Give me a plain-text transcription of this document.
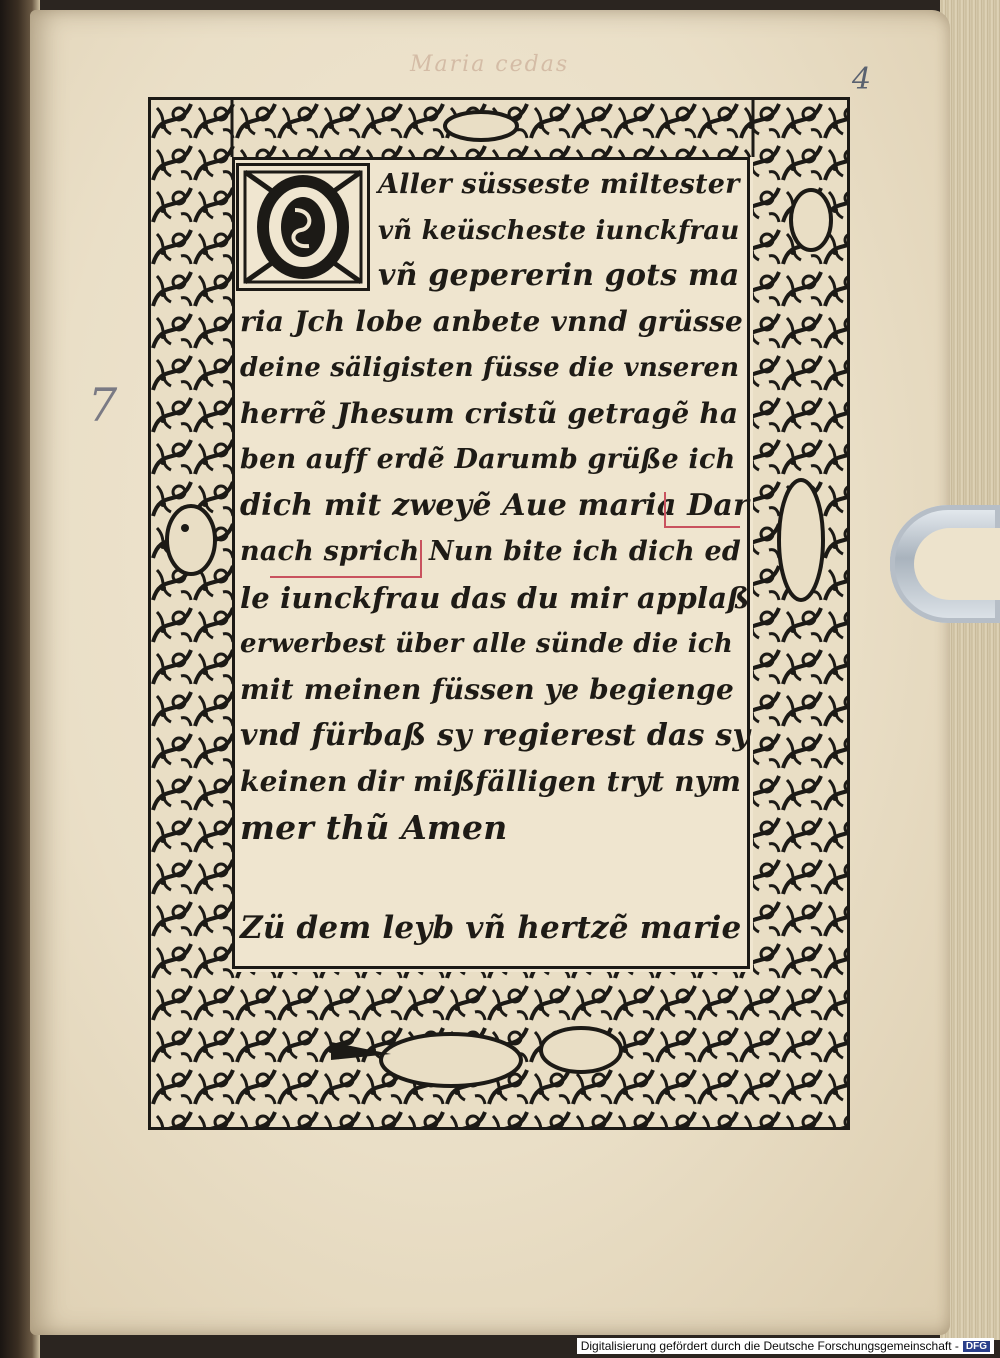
Maria cedas	4
7
Aller süsseste miltester
vñ keüscheste iunckfrau
vñ gepererin gots ma
ria Jch lobe anbete vnnd grüsse
deine säligisten füsse die vnseren
herrẽ Jhesum cristũ getragẽ ha
ben auff erdẽ Darumb grüße ich
dich mit zweyẽ Aue maria Dar
nach sprich Nun bite ich dich ed
le iunckfrau das du mir applaß
erwerbest über alle sünde die ich
mit meinen füssen ye begienge
vnd fürbaß sy regierest das sy
keinen dir mißfälligen tryt nym
mer thũ Amen
Zü dem leyb vñ hertzẽ marie
Digitalisierung gefördert durch die Deutsche Forschungsgemeinschaft - DFG
